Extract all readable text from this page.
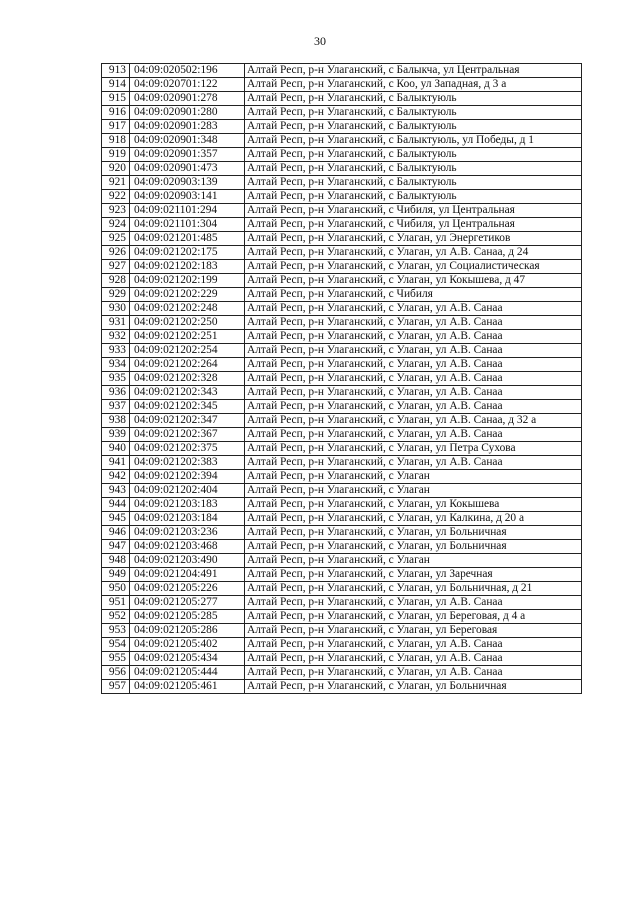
30
913	04:09:020502:196	Алтай Респ, р-н Улаганский, с Балыкча, ул Центральная
914	04:09:020701:122	Алтай Респ, р-н Улаганский, с Коо, ул Западная, д 3 а
915	04:09:020901:278	Алтай Респ, р-н Улаганский, с Балыктуюль
916	04:09:020901:280	Алтай Респ, р-н Улаганский, с Балыктуюль
917	04:09:020901:283	Алтай Респ, р-н Улаганский, с Балыктуюль
918	04:09:020901:348	Алтай Респ, р-н Улаганский, с Балыктуюль, ул Победы, д 1
919	04:09:020901:357	Алтай Респ, р-н Улаганский, с Балыктуюль
920	04:09:020901:473	Алтай Респ, р-н Улаганский, с Балыктуюль
921	04:09:020903:139	Алтай Респ, р-н Улаганский, с Балыктуюль
922	04:09:020903:141	Алтай Респ, р-н Улаганский, с Балыктуюль
923	04:09:021101:294	Алтай Респ, р-н Улаганский, с Чибиля, ул Центральная
924	04:09:021101:304	Алтай Респ, р-н Улаганский, с Чибиля, ул Центральная
925	04:09:021201:485	Алтай Респ, р-н Улаганский, с Улаган, ул Энергетиков
926	04:09:021202:175	Алтай Респ, р-н Улаганский, с Улаган, ул А.В. Санаа, д 24
927	04:09:021202:183	Алтай Респ, р-н Улаганский, с Улаган, ул Социалистическая
928	04:09:021202:199	Алтай Респ, р-н Улаганский, с Улаган, ул Кокышева, д 47
929	04:09:021202:229	Алтай Респ, р-н Улаганский, с Чибиля
930	04:09:021202:248	Алтай Респ, р-н Улаганский, с Улаган, ул А.В. Санаа
931	04:09:021202:250	Алтай Респ, р-н Улаганский, с Улаган, ул А.В. Санаа
932	04:09:021202:251	Алтай Респ, р-н Улаганский, с Улаган, ул А.В. Санаа
933	04:09:021202:254	Алтай Респ, р-н Улаганский, с Улаган, ул А.В. Санаа
934	04:09:021202:264	Алтай Респ, р-н Улаганский, с Улаган, ул А.В. Санаа
935	04:09:021202:328	Алтай Респ, р-н Улаганский, с Улаган, ул А.В. Санаа
936	04:09:021202:343	Алтай Респ, р-н Улаганский, с Улаган, ул А.В. Санаа
937	04:09:021202:345	Алтай Респ, р-н Улаганский, с Улаган, ул А.В. Санаа
938	04:09:021202:347	Алтай Респ, р-н Улаганский, с Улаган, ул А.В. Санаа, д 32 а
939	04:09:021202:367	Алтай Респ, р-н Улаганский, с Улаган, ул А.В. Санаа
940	04:09:021202:375	Алтай Респ, р-н Улаганский, с Улаган, ул Петра Сухова
941	04:09:021202:383	Алтай Респ, р-н Улаганский, с Улаган, ул А.В. Санаа
942	04:09:021202:394	Алтай Респ, р-н Улаганский, с Улаган
943	04:09:021202:404	Алтай Респ, р-н Улаганский, с Улаган
944	04:09:021203:183	Алтай Респ, р-н Улаганский, с Улаган, ул Кокышева
945	04:09:021203:184	Алтай Респ, р-н Улаганский, с Улаган, ул Калкина, д 20 а
946	04:09:021203:236	Алтай Респ, р-н Улаганский, с Улаган, ул Больничная
947	04:09:021203:468	Алтай Респ, р-н Улаганский, с Улаган, ул Больничная
948	04:09:021203:490	Алтай Респ, р-н Улаганский, с Улаган
949	04:09:021204:491	Алтай Респ, р-н Улаганский, с Улаган, ул Заречная
950	04:09:021205:226	Алтай Респ, р-н Улаганский, с Улаган, ул Больничная, д 21
951	04:09:021205:277	Алтай Респ, р-н Улаганский, с Улаган, ул А.В. Санаа
952	04:09:021205:285	Алтай Респ, р-н Улаганский, с Улаган, ул Береговая, д 4 а
953	04:09:021205:286	Алтай Респ, р-н Улаганский, с Улаган, ул Береговая
954	04:09:021205:402	Алтай Респ, р-н Улаганский, с Улаган, ул А.В. Санаа
955	04:09:021205:434	Алтай Респ, р-н Улаганский, с Улаган, ул А.В. Санаа
956	04:09:021205:444	Алтай Респ, р-н Улаганский, с Улаган, ул А.В. Санаа
957	04:09:021205:461	Алтай Респ, р-н Улаганский, с Улаган, ул Больничная
